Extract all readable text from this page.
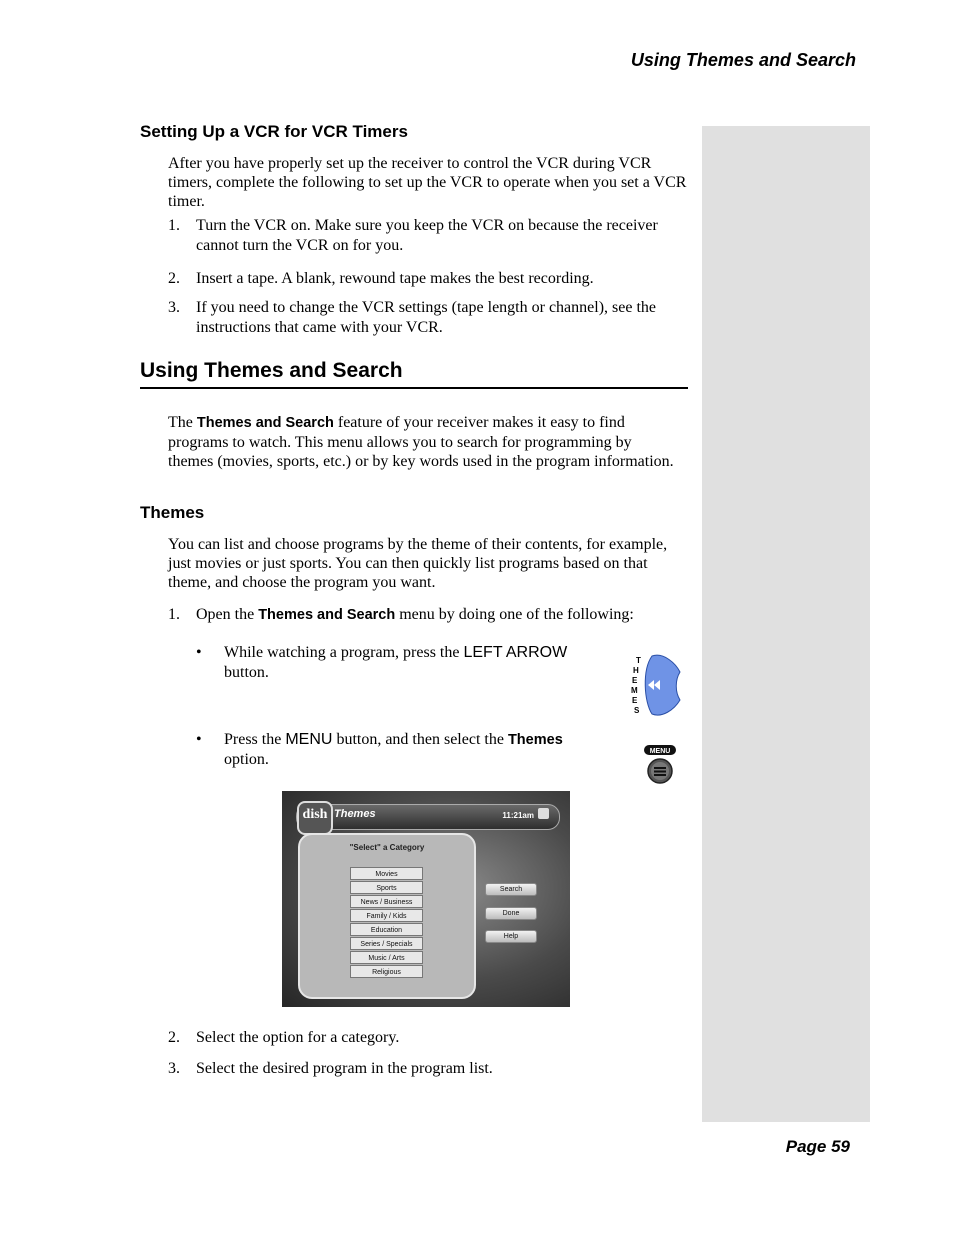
Using Themes and Search
Setting Up a VCR for VCR Timers
After you have properly set up the receiver to control the VCR during VCR timers, complete the following to set up the VCR to operate when you set a VCR timer.
1. Turn the VCR on. Make sure you keep the VCR on because the receiver cannot turn the VCR on for you.
2. Insert a tape. A blank, rewound tape makes the best recording.
3. If you need to change the VCR settings (tape length or channel), see the instructions that came with your VCR.
Using Themes and Search
The Themes and Search feature of your receiver makes it easy to find programs to watch. This menu allows you to search for programming by themes (movies, sports, etc.) or by key words used in the program information.
Themes
You can list and choose programs by the theme of their contents, for example, just movies or just sports. You can then quickly list programs based on that theme, and choose the program you want.
1. Open the Themes and Search menu by doing one of the following:
• While watching a program, press the LEFT ARROW button.
• Press the MENU button, and then select the Themes option.
T
H
E
M
E
S
MENU
dish Themes	11:21am
"Select" a Category
Movies
Sports
News / Business
Family / Kids
Education
Series / Specials
Music / Arts
Religious
Search
Done
Help
2. Select the option for a category.
3. Select the desired program in the program list.
Page 59
